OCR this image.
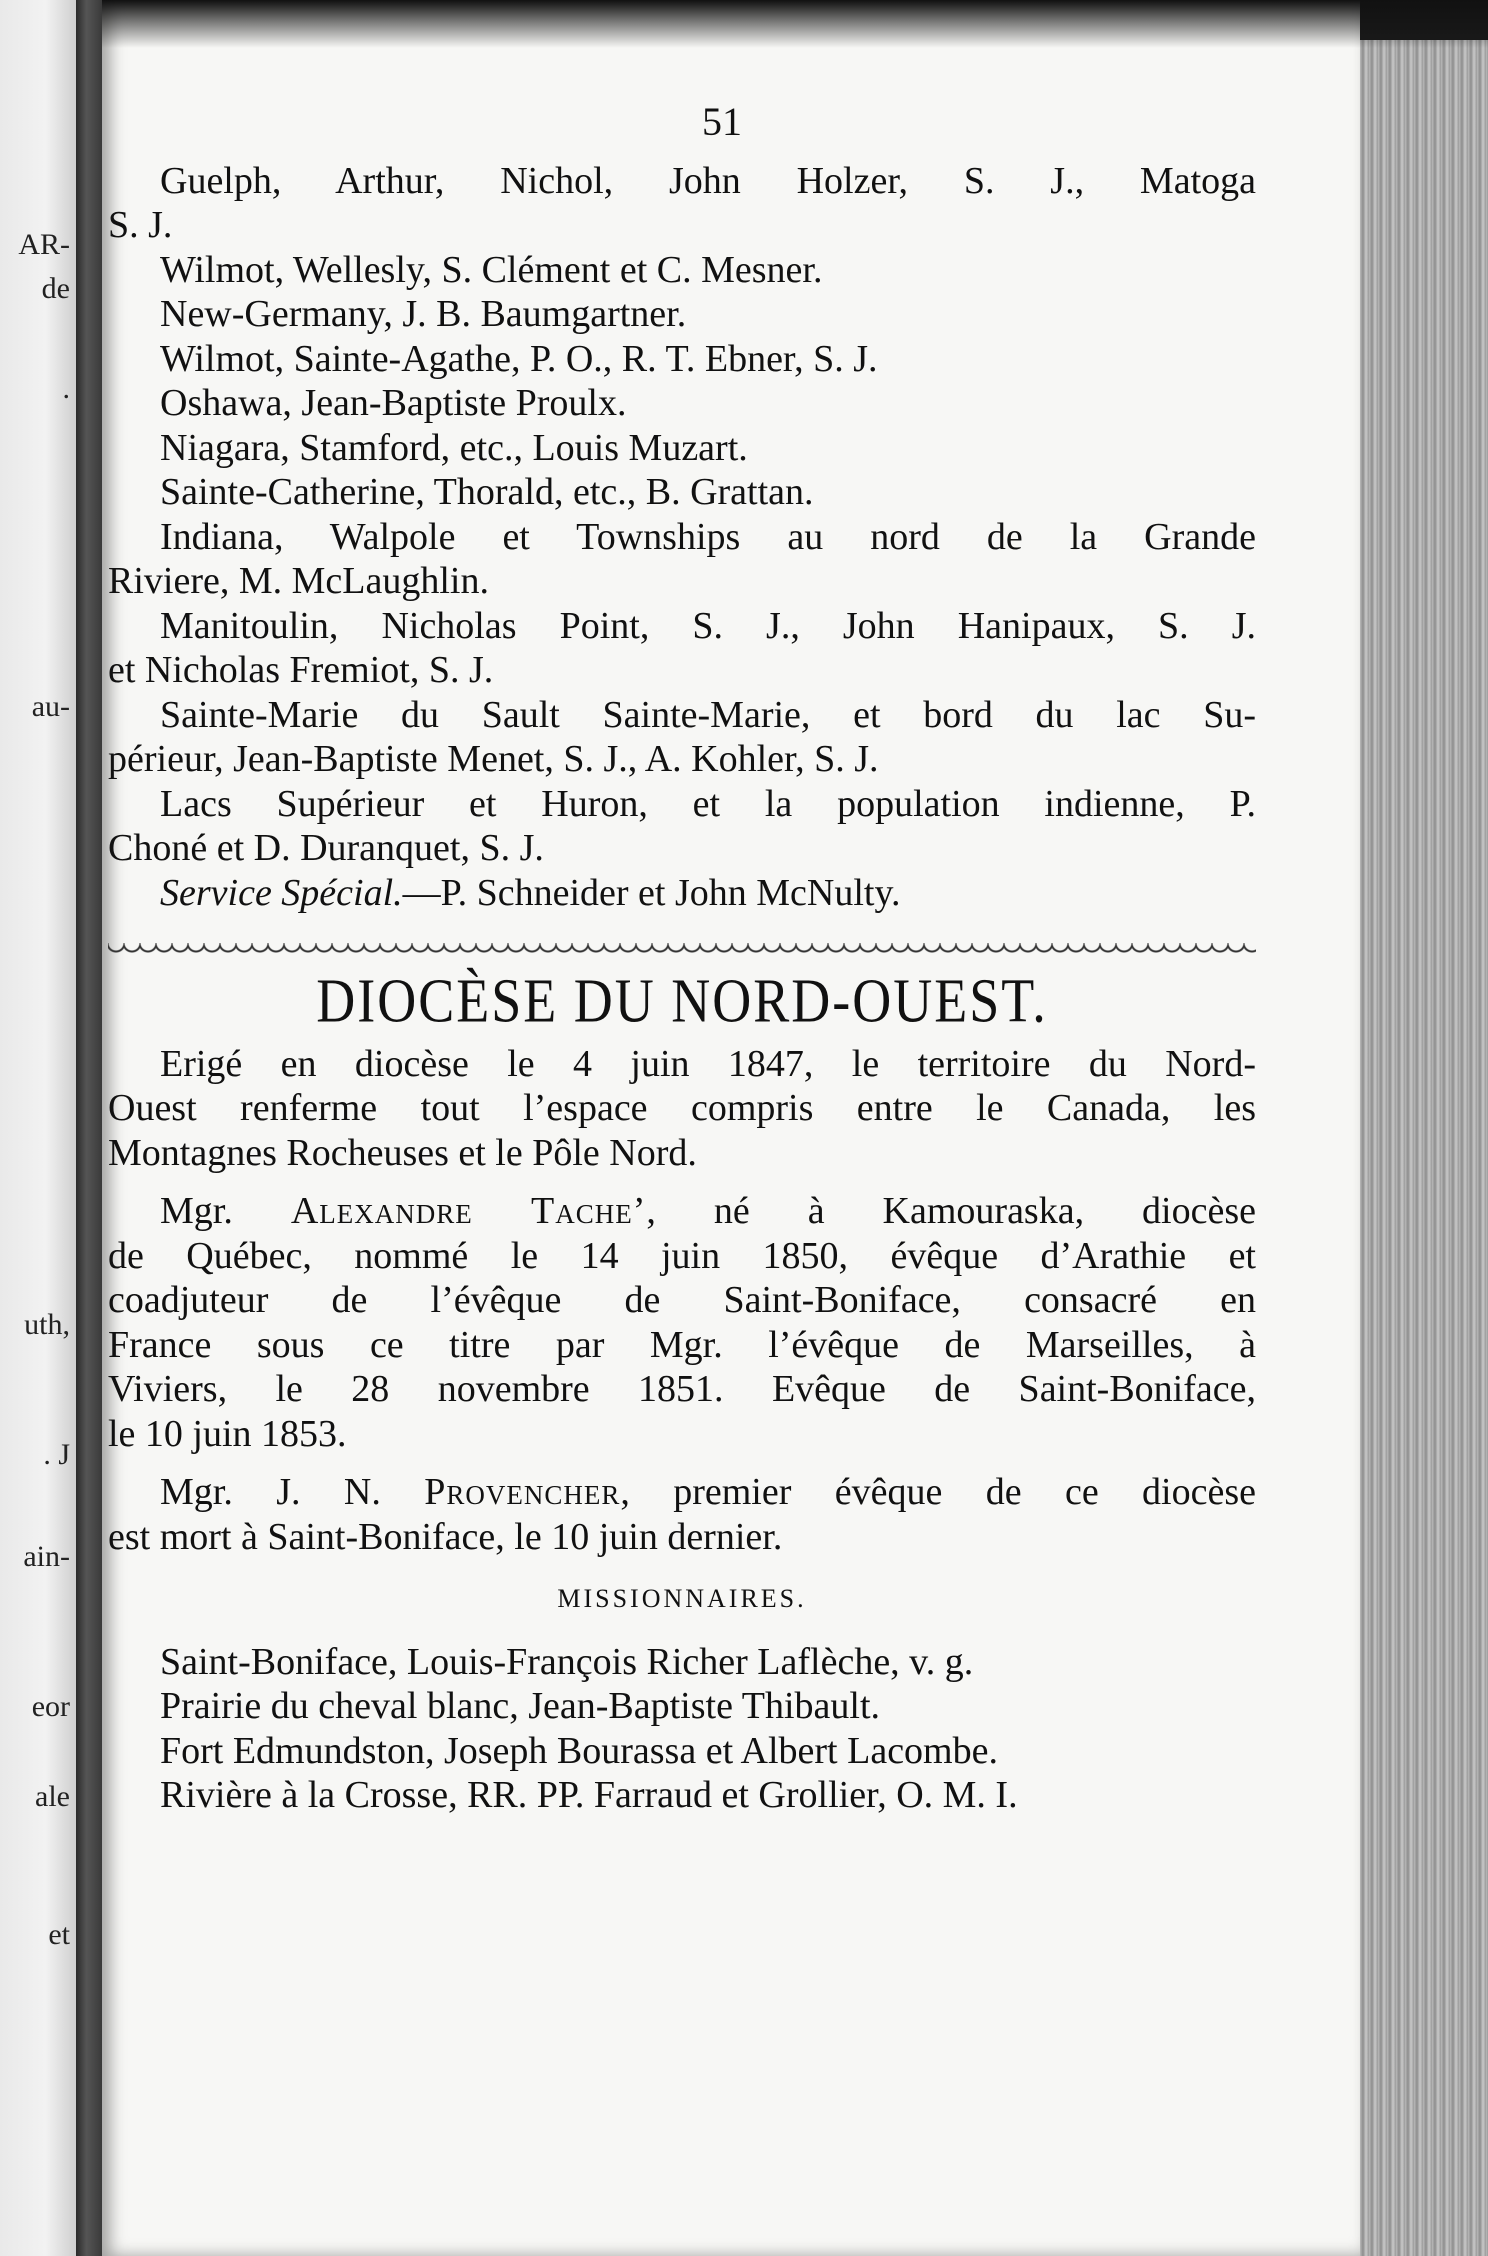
AR-
de
.
au-
uth,
. J
ain-
eor
ale
et
51
Guelph, Arthur, Nichol, John Holzer, S. J., Matoga
S. J.
Wilmot, Wellesly, S. Clément et C. Mesner.
New-Germany, J. B. Baumgartner.
Wilmot, Sainte-Agathe, P. O., R. T. Ebner, S. J.
Oshawa, Jean-Baptiste Proulx.
Niagara, Stamford, etc., Louis Muzart.
Sainte-Catherine, Thorald, etc., B. Grattan.
Indiana, Walpole et Townships au nord de la Grande
Riviere, M. McLaughlin.
Manitoulin, Nicholas Point, S. J., John Hanipaux, S. J.
et Nicholas Fremiot, S. J.
Sainte-Marie du Sault Sainte-Marie, et bord du lac Su-
périeur, Jean-Baptiste Menet, S. J., A. Kohler, S. J.
Lacs Supérieur et Huron, et la population indienne, P.
Choné et D. Duranquet, S. J.
Service Spécial.—P. Schneider et John McNulty.
DIOCÈSE DU NORD-OUEST.
Erigé en diocèse le 4 juin 1847, le territoire du Nord-
Ouest renferme tout l’espace compris entre le Canada, les
Montagnes Rocheuses et le Pôle Nord.
Mgr. Alexandre Tache’, né à Kamouraska, diocèse
de Québec, nommé le 14 juin 1850, évêque d’Arathie et
coadjuteur de l’évêque de Saint-Boniface, consacré en
France sous ce titre par Mgr. l’évêque de Marseilles, à
Viviers, le 28 novembre 1851. Evêque de Saint-Boniface,
le 10 juin 1853.
Mgr. J. N. Provencher, premier évêque de ce diocèse
est mort à Saint-Boniface, le 10 juin dernier.
MISSIONNAIRES.
Saint-Boniface, Louis-François Richer Laflèche, v. g.
Prairie du cheval blanc, Jean-Baptiste Thibault.
Fort Edmundston, Joseph Bourassa et Albert Lacombe.
Rivière à la Crosse, RR. PP. Farraud et Grollier, O. M. I.
